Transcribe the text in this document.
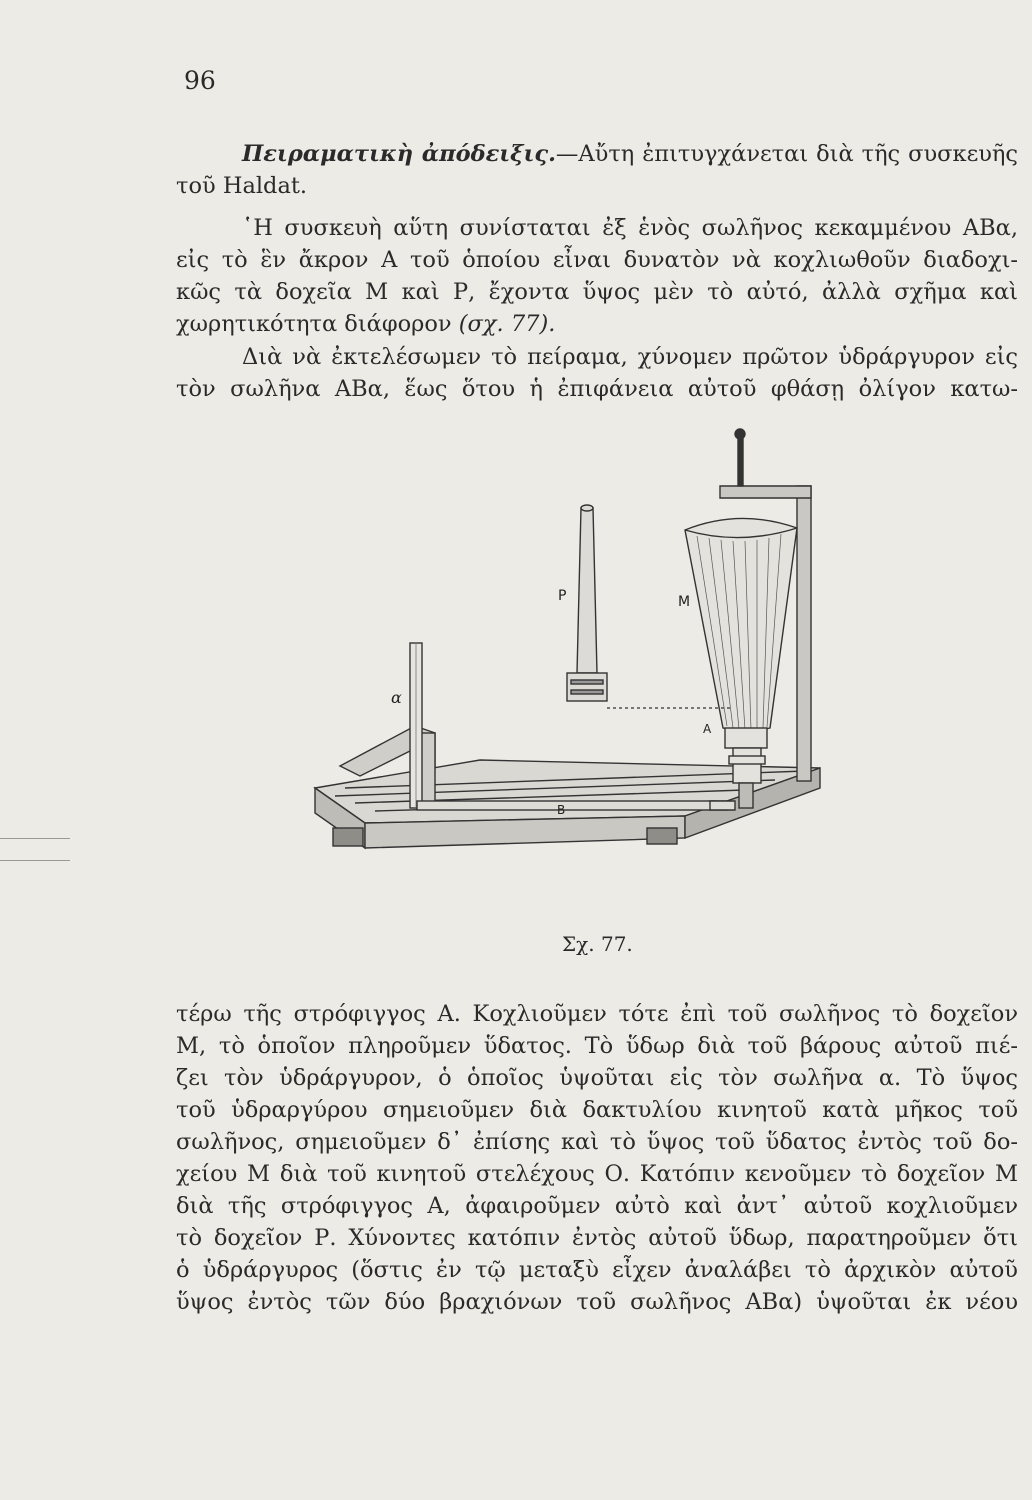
96
Πειραματικὴ ἀπόδειξις.—Αὔτη ἐπιτυγχάνεται διὰ τῆς συσκευῆς
τοῦ Haldat.
῾Η συσκευὴ αὕτη συνίσταται ἐξ ἑνὸς σωλῆνος κεκαμμένου ΑΒα,
εἰς τὸ ἓν ἄκρον Α τοῦ ὁποίου εἶναι δυνατὸν νὰ κοχλιωθοῦν διαδοχι-
κῶς τὰ δοχεῖα Μ καὶ Ρ, ἔχοντα ὕψος μὲν τὸ αὐτό, ἀλλὰ σχῆμα καὶ
χωρητικότητα διάφορον (σχ. 77).
Διὰ νὰ ἐκτελέσωμεν τὸ πείραμα, χύνομεν πρῶτον ὑδράργυρον εἰς
τὸν σωλῆνα ΑΒα, ἕως ὅτου ἡ ἐπιφάνεια αὐτοῦ φθάσῃ ὀλίγον κατω-
Ρ	Μ
α
Α
Β
Σχ. 77.
τέρω τῆς στρόφιγγος Α. Κοχλιοῦμεν τότε ἐπὶ τοῦ σωλῆνος τὸ δοχεῖον
Μ, τὸ ὁποῖον πληροῦμεν ὕδατος. Τὸ ὕδωρ διὰ τοῦ βάρους αὐτοῦ πιέ-
ζει τὸν ὑδράργυρον, ὁ ὁποῖος ὑψοῦται εἰς τὸν σωλῆνα α. Τὸ ὕψος
τοῦ ὑδραργύρου σημειοῦμεν διὰ δακτυλίου κινητοῦ κατὰ μῆκος τοῦ
σωλῆνος, σημειοῦμεν δ᾽ ἐπίσης καὶ τὸ ὕψος τοῦ ὕδατος ἐντὸς τοῦ δο-
χείου Μ διὰ τοῦ κινητοῦ στελέχους Ο. Κατόπιν κενοῦμεν τὸ δοχεῖον Μ
διὰ τῆς στρόφιγγος Α, ἀφαιροῦμεν αὐτὸ καὶ ἀντ᾽ αὐτοῦ κοχλιοῦμεν
τὸ δοχεῖον Ρ. Χύνοντες κατόπιν ἐντὸς αὐτοῦ ὕδωρ, παρατηροῦμεν ὅτι
ὁ ὑδράργυρος (ὅστις ἐν τῷ μεταξὺ εἶχεν ἀναλάβει τὸ ἀρχικὸν αὐτοῦ
ὕψος ἐντὸς τῶν δύο βραχιόνων τοῦ σωλῆνος ΑΒα) ὑψοῦται ἐκ νέου
